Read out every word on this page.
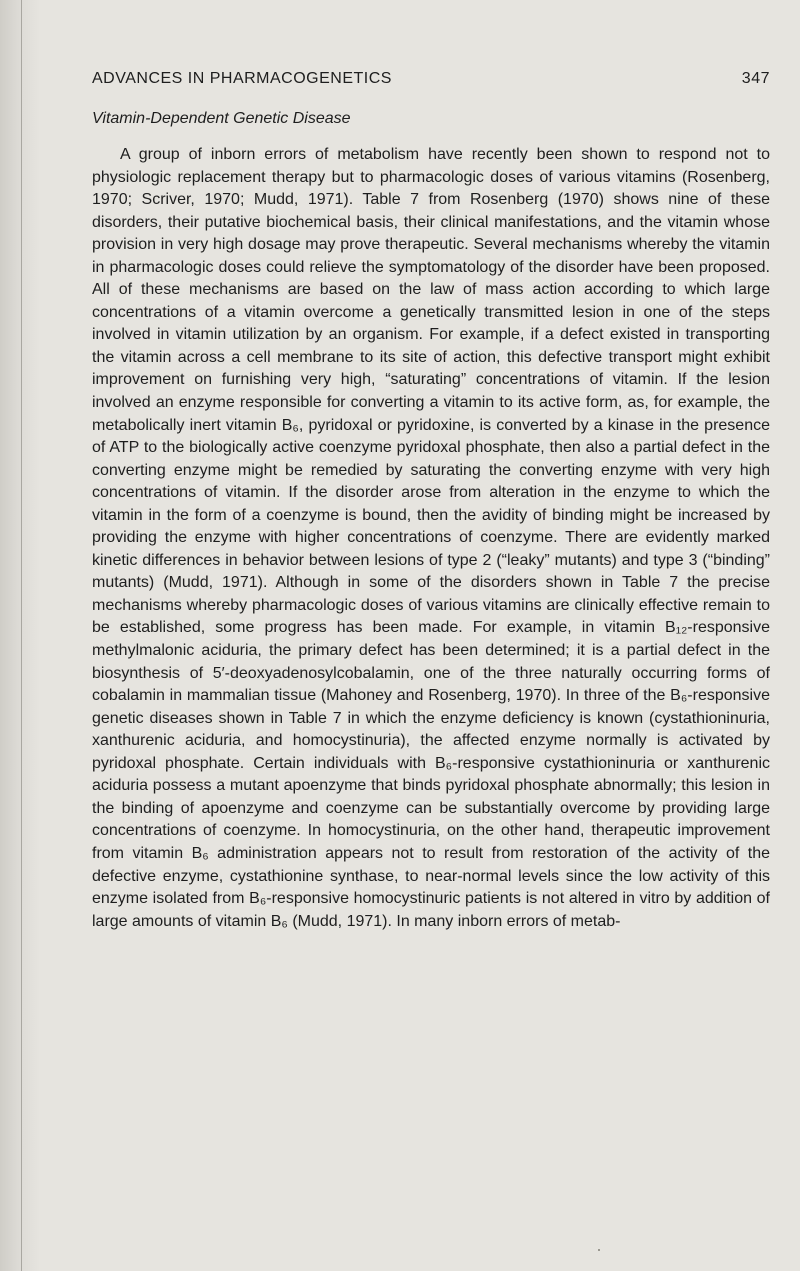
ADVANCES IN PHARMACOGENETICS	347
Vitamin-Dependent Genetic Disease

A group of inborn errors of metabolism have recently been shown to respond not to physiologic replacement therapy but to pharmacologic doses of various vitamins (Rosenberg, 1970; Scriver, 1970; Mudd, 1971). Table 7 from Rosenberg (1970) shows nine of these disorders, their putative biochemical basis, their clinical manifestations, and the vitamin whose provision in very high dosage may prove therapeutic. Several mechanisms whereby the vitamin in pharmacologic doses could relieve the symptomatology of the disorder have been proposed. All of these mechanisms are based on the law of mass action according to which large concentrations of a vitamin overcome a genetically transmitted lesion in one of the steps involved in vitamin utilization by an organism. For example, if a defect existed in transporting the vitamin across a cell membrane to its site of action, this defective transport might exhibit improvement on furnishing very high, “saturating” concentrations of vitamin. If the lesion involved an enzyme responsible for converting a vitamin to its active form, as, for example, the metabolically inert vitamin B₆, pyridoxal or pyridoxine, is converted by a kinase in the presence of ATP to the biologically active coenzyme pyridoxal phosphate, then also a partial defect in the converting enzyme might be remedied by saturating the converting enzyme with very high concentrations of vitamin. If the disorder arose from alteration in the enzyme to which the vitamin in the form of a coenzyme is bound, then the avidity of binding might be increased by providing the enzyme with higher concentrations of coenzyme. There are evidently marked kinetic differences in behavior between lesions of type 2 (“leaky” mutants) and type 3 (“binding” mutants) (Mudd, 1971). Although in some of the disorders shown in Table 7 the precise mechanisms whereby pharmacologic doses of various vitamins are clinically effective remain to be established, some progress has been made. For example, in vitamin B₁₂-responsive methylmalonic aciduria, the primary defect has been determined; it is a partial defect in the biosynthesis of 5′-deoxyadenosylcobalamin, one of the three naturally occurring forms of cobalamin in mammalian tissue (Mahoney and Rosenberg, 1970). In three of the B₆-responsive genetic diseases shown in Table 7 in which the enzyme deficiency is known (cystathioninuria, xanthurenic aciduria, and homocystinuria), the affected enzyme normally is activated by pyridoxal phosphate. Certain individuals with B₆-responsive cystathioninuria or xanthurenic aciduria possess a mutant apoenzyme that binds pyridoxal phosphate abnormally; this lesion in the binding of apoenzyme and coenzyme can be substantially overcome by providing large concentrations of coenzyme. In homocystinuria, on the other hand, therapeutic improvement from vitamin B₆ administration appears not to result from restoration of the activity of the defective enzyme, cystathionine synthase, to near-normal levels since the low activity of this enzyme isolated from B₆-responsive homocystinuric patients is not altered in vitro by addition of large amounts of vitamin B₆ (Mudd, 1971). In many inborn errors of metab-
